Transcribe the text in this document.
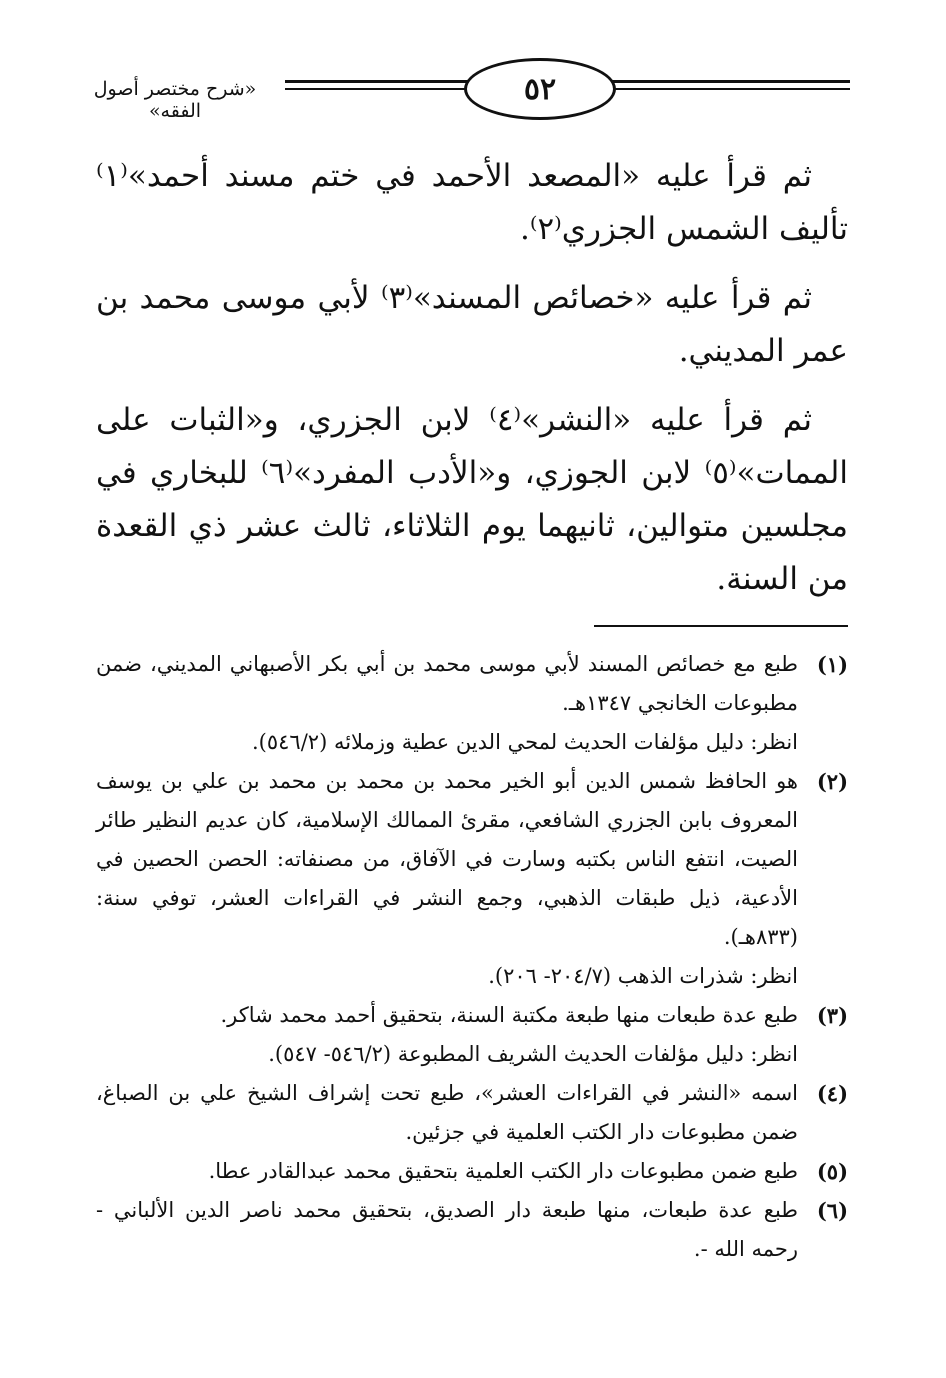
٥٢
«شرح مختصر أصول الفقه»

ثم قرأ عليه «المصعد الأحمد في ختم مسند أحمد»⁽١⁾ تأليف الشمس الجزري⁽٢⁾.

ثم قرأ عليه «خصائص المسند»⁽٣⁾ لأبي موسى محمد بن عمر المديني.

ثم قرأ عليه «النشر»⁽٤⁾ لابن الجزري، و«الثبات على الممات»⁽٥⁾ لابن الجوزي، و«الأدب المفرد»⁽٦⁾ للبخاري في مجلسين متوالين، ثانيهما يوم الثلاثاء، ثالث عشر ذي القعدة من السنة.

(١)
طبع مع خصائص المسند لأبي موسى محمد بن أبي بكر الأصبهاني المديني، ضمن مطبوعات الخانجي ١٣٤٧هـ.
انظر: دليل مؤلفات الحديث لمحي الدين عطية وزملائه (٥٤٦/٢).
(٢)
هو الحافظ شمس الدين أبو الخير محمد بن محمد بن محمد بن علي بن يوسف المعروف بابن الجزري الشافعي، مقرئ الممالك الإسلامية، كان عديم النظير طائر الصيت، انتفع الناس بكتبه وسارت في الآفاق، من مصنفاته: الحصن الحصين في الأدعية، ذيل طبقات الذهبي، وجمع النشر في القراءات العشر، توفي سنة: (٨٣٣هـ).
انظر: شذرات الذهب (٢٠٤/٧- ٢٠٦).
(٣)
طبع عدة طبعات منها طبعة مكتبة السنة، بتحقيق أحمد محمد شاكر.
انظر: دليل مؤلفات الحديث الشريف المطبوعة (٥٤٦/٢- ٥٤٧).
(٤)
اسمه «النشر في القراءات العشر»، طبع تحت إشراف الشيخ علي بن الصباغ، ضمن مطبوعات دار الكتب العلمية في جزئين.
(٥)
طبع ضمن مطبوعات دار الكتب العلمية بتحقيق محمد عبدالقادر عطا.
(٦)
طبع عدة طبعات، منها طبعة دار الصديق، بتحقيق محمد ناصر الدين الألباني - رحمه الله -.
